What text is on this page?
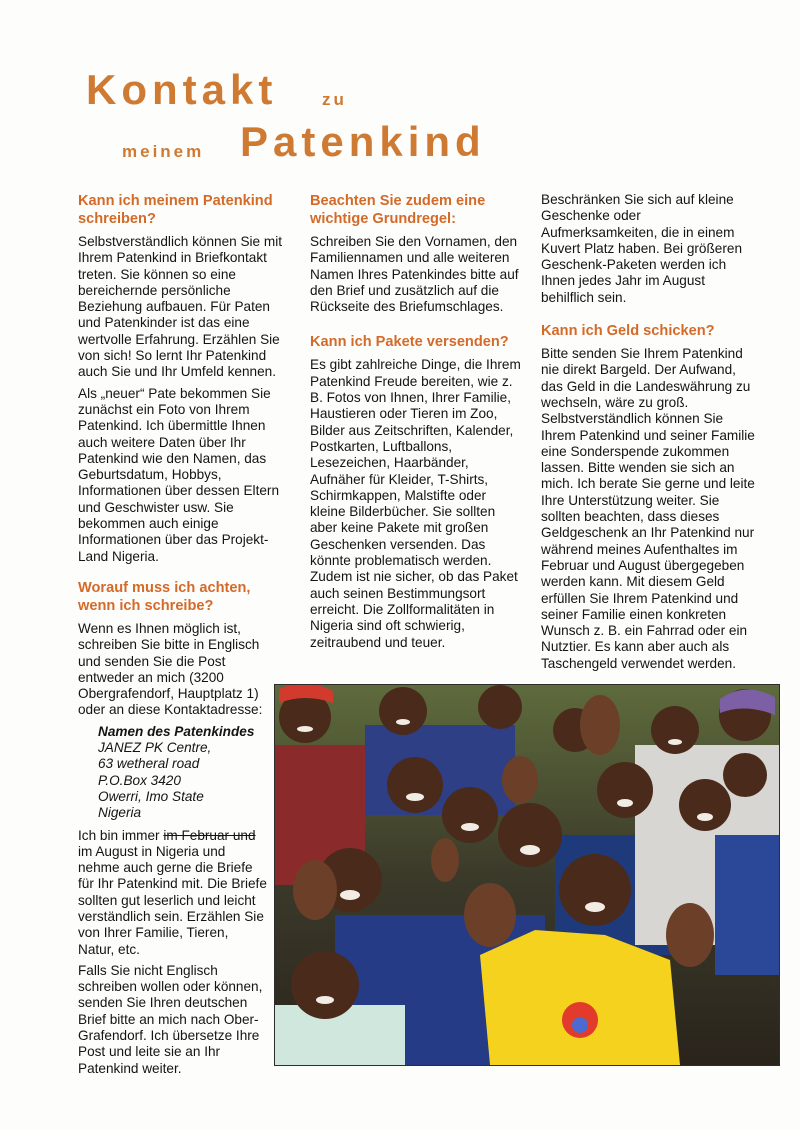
Kontakt	zu
meinem Patenkind
Kann ich meinem Patenkind schreiben?

Selbstverständlich können Sie mit Ihrem Patenkind in Briefkontakt treten. Sie können so eine bereichernde persönliche Beziehung aufbauen. Für Paten und Patenkinder ist das eine wertvolle Erfahrung. Erzählen Sie von sich! So lernt Ihr Patenkind auch Sie und Ihr Umfeld kennen.

Als „neuer“ Pate bekommen Sie zunächst ein Foto von Ihrem Patenkind. Ich übermittle Ihnen auch weitere Daten über Ihr Patenkind wie den Namen, das Geburtsdatum, Hobbys, Informationen über dessen Eltern und Geschwister usw. Sie bekommen auch einige Informationen über das Projekt-Land Nigeria.

Worauf muss ich achten, wenn ich schreibe?

Wenn es Ihnen möglich ist, schreiben Sie bitte in Englisch und senden Sie die Post entweder an mich (3200 Obergrafendorf, Hauptplatz 1) oder an diese Kontaktadresse:

Namen des Patenkindes
JANEZ PK Centre,
63 wetheral road
P.O.Box 3420
Owerri, Imo State
Nigeria

Ich bin immer im Februar und im August in Nigeria und nehme auch gerne die Briefe für Ihr Patenkind mit. Die Briefe sollten gut leserlich und leicht verständlich sein. Erzählen Sie von Ihrer Familie, Tieren, Natur, etc.

Falls Sie nicht Englisch schreiben wollen oder können, senden Sie Ihren deutschen Brief bitte an mich nach Ober-Grafendorf. Ich übersetze Ihre Post und leite sie an Ihr Patenkind weiter.

Beachten Sie zudem eine wichtige Grundregel:

Schreiben Sie den Vornamen, den Familiennamen und alle weiteren Namen Ihres Patenkindes bitte auf den Brief und zusätzlich auf die Rückseite des Briefumschlages.

Kann ich Pakete versenden?

Es gibt zahlreiche Dinge, die Ihrem Patenkind Freude bereiten, wie z. B. Fotos von Ihnen, Ihrer Familie, Haustieren oder Tieren im Zoo, Bilder aus Zeitschriften, Kalender, Postkarten, Luftballons, Lesezeichen, Haarbänder, Aufnäher für Kleider, T-Shirts, Schirmkappen, Malstifte oder kleine Bilderbücher. Sie sollten aber keine Pakete mit großen Geschenken versenden. Das könnte problematisch werden. Zudem ist nie sicher, ob das Paket auch seinen Bestimmungsort erreicht. Die Zollformalitäten in Nigeria sind oft schwierig, zeitraubend und teuer.

Beschränken Sie sich auf kleine Geschenke oder Aufmerksamkeiten, die in einem Kuvert Platz haben. Bei größeren Geschenk-Paketen werden ich Ihnen jedes Jahr im August behilflich sein.

Kann ich Geld schicken?

Bitte senden Sie Ihrem Patenkind nie direkt Bargeld. Der Aufwand, das Geld in die Landeswährung zu wechseln, wäre zu groß. Selbstverständlich können Sie Ihrem Patenkind und seiner Familie eine Sonderspende zukommen lassen. Bitte wenden sie sich an mich. Ich berate Sie gerne und leite Ihre Unterstützung weiter. Sie sollten beachten, dass dieses Geldgeschenk an Ihr Patenkind nur während meines Aufenthaltes im Februar und August übergegeben werden kann. Mit diesem Geld erfüllen Sie Ihrem Patenkind und seiner Familie einen konkreten Wunsch z. B. ein Fahrrad oder ein Nutztier. Es kann aber auch als Taschengeld verwendet werden.
